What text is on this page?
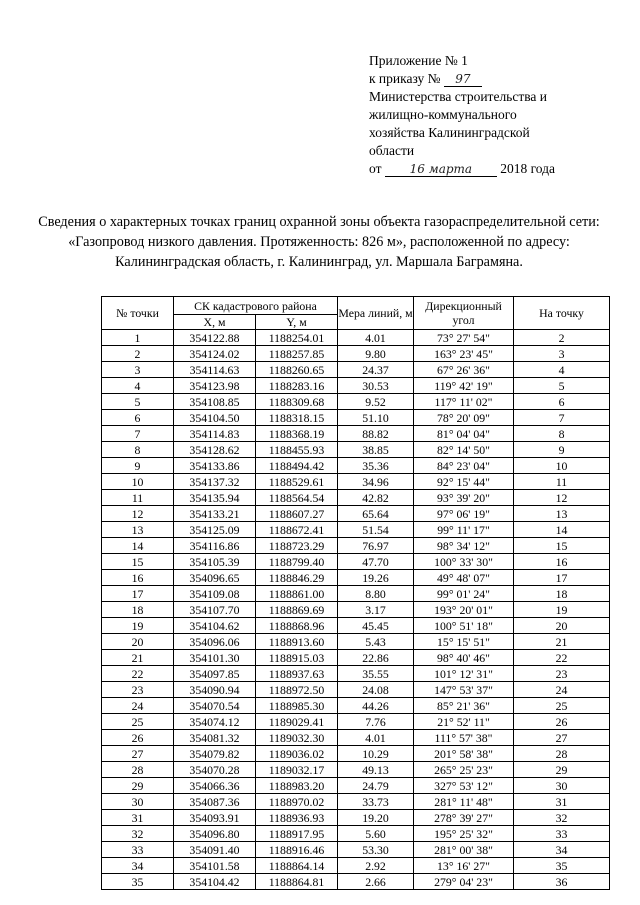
Приложение № 1
к приказу № 97
Министерства строительства и
жилищно-коммунального
хозяйства Калининградской
области
от 16 марта 2018 года
Сведения о характерных точках границ охранной зоны объекта газораспределительной сети: «Газопровод низкого давления. Протяженность: 826 м», расположенной по адресу: Калининградская область, г. Калининград, ул. Маршала Баграмяна.
№ точки	СК кадастрового района		Мера линий, м	Дирекционный угол	На точку
	X, м	Y, м			
1	354122.88	1188254.01	4.01	73° 27' 54"	2
2	354124.02	1188257.85	9.80	163° 23' 45"	3
3	354114.63	1188260.65	24.37	67° 26' 36"	4
4	354123.98	1188283.16	30.53	119° 42' 19"	5
5	354108.85	1188309.68	9.52	117° 11' 02"	6
6	354104.50	1188318.15	51.10	78° 20' 09"	7
7	354114.83	1188368.19	88.82	81° 04' 04"	8
8	354128.62	1188455.93	38.85	82° 14' 50"	9
9	354133.86	1188494.42	35.36	84° 23' 04"	10
10	354137.32	1188529.61	34.96	92° 15' 44"	11
11	354135.94	1188564.54	42.82	93° 39' 20"	12
12	354133.21	1188607.27	65.64	97° 06' 19"	13
13	354125.09	1188672.41	51.54	99° 11' 17"	14
14	354116.86	1188723.29	76.97	98° 34' 12"	15
15	354105.39	1188799.40	47.70	100° 33' 30"	16
16	354096.65	1188846.29	19.26	49° 48' 07"	17
17	354109.08	1188861.00	8.80	99° 01' 24"	18
18	354107.70	1188869.69	3.17	193° 20' 01"	19
19	354104.62	1188868.96	45.45	100° 51' 18"	20
20	354096.06	1188913.60	5.43	15° 15' 51"	21
21	354101.30	1188915.03	22.86	98° 40' 46"	22
22	354097.85	1188937.63	35.55	101° 12' 31"	23
23	354090.94	1188972.50	24.08	147° 53' 37"	24
24	354070.54	1188985.30	44.26	85° 21' 36"	25
25	354074.12	1189029.41	7.76	21° 52' 11"	26
26	354081.32	1189032.30	4.01	111° 57' 38"	27
27	354079.82	1189036.02	10.29	201° 58' 38"	28
28	354070.28	1189032.17	49.13	265° 25' 23"	29
29	354066.36	1188983.20	24.79	327° 53' 12"	30
30	354087.36	1188970.02	33.73	281° 11' 48"	31
31	354093.91	1188936.93	19.20	278° 39' 27"	32
32	354096.80	1188917.95	5.60	195° 25' 32"	33
33	354091.40	1188916.46	53.30	281° 00' 38"	34
34	354101.58	1188864.14	2.92	13° 16' 27"	35
35	354104.42	1188864.81	2.66	279° 04' 23"	36
